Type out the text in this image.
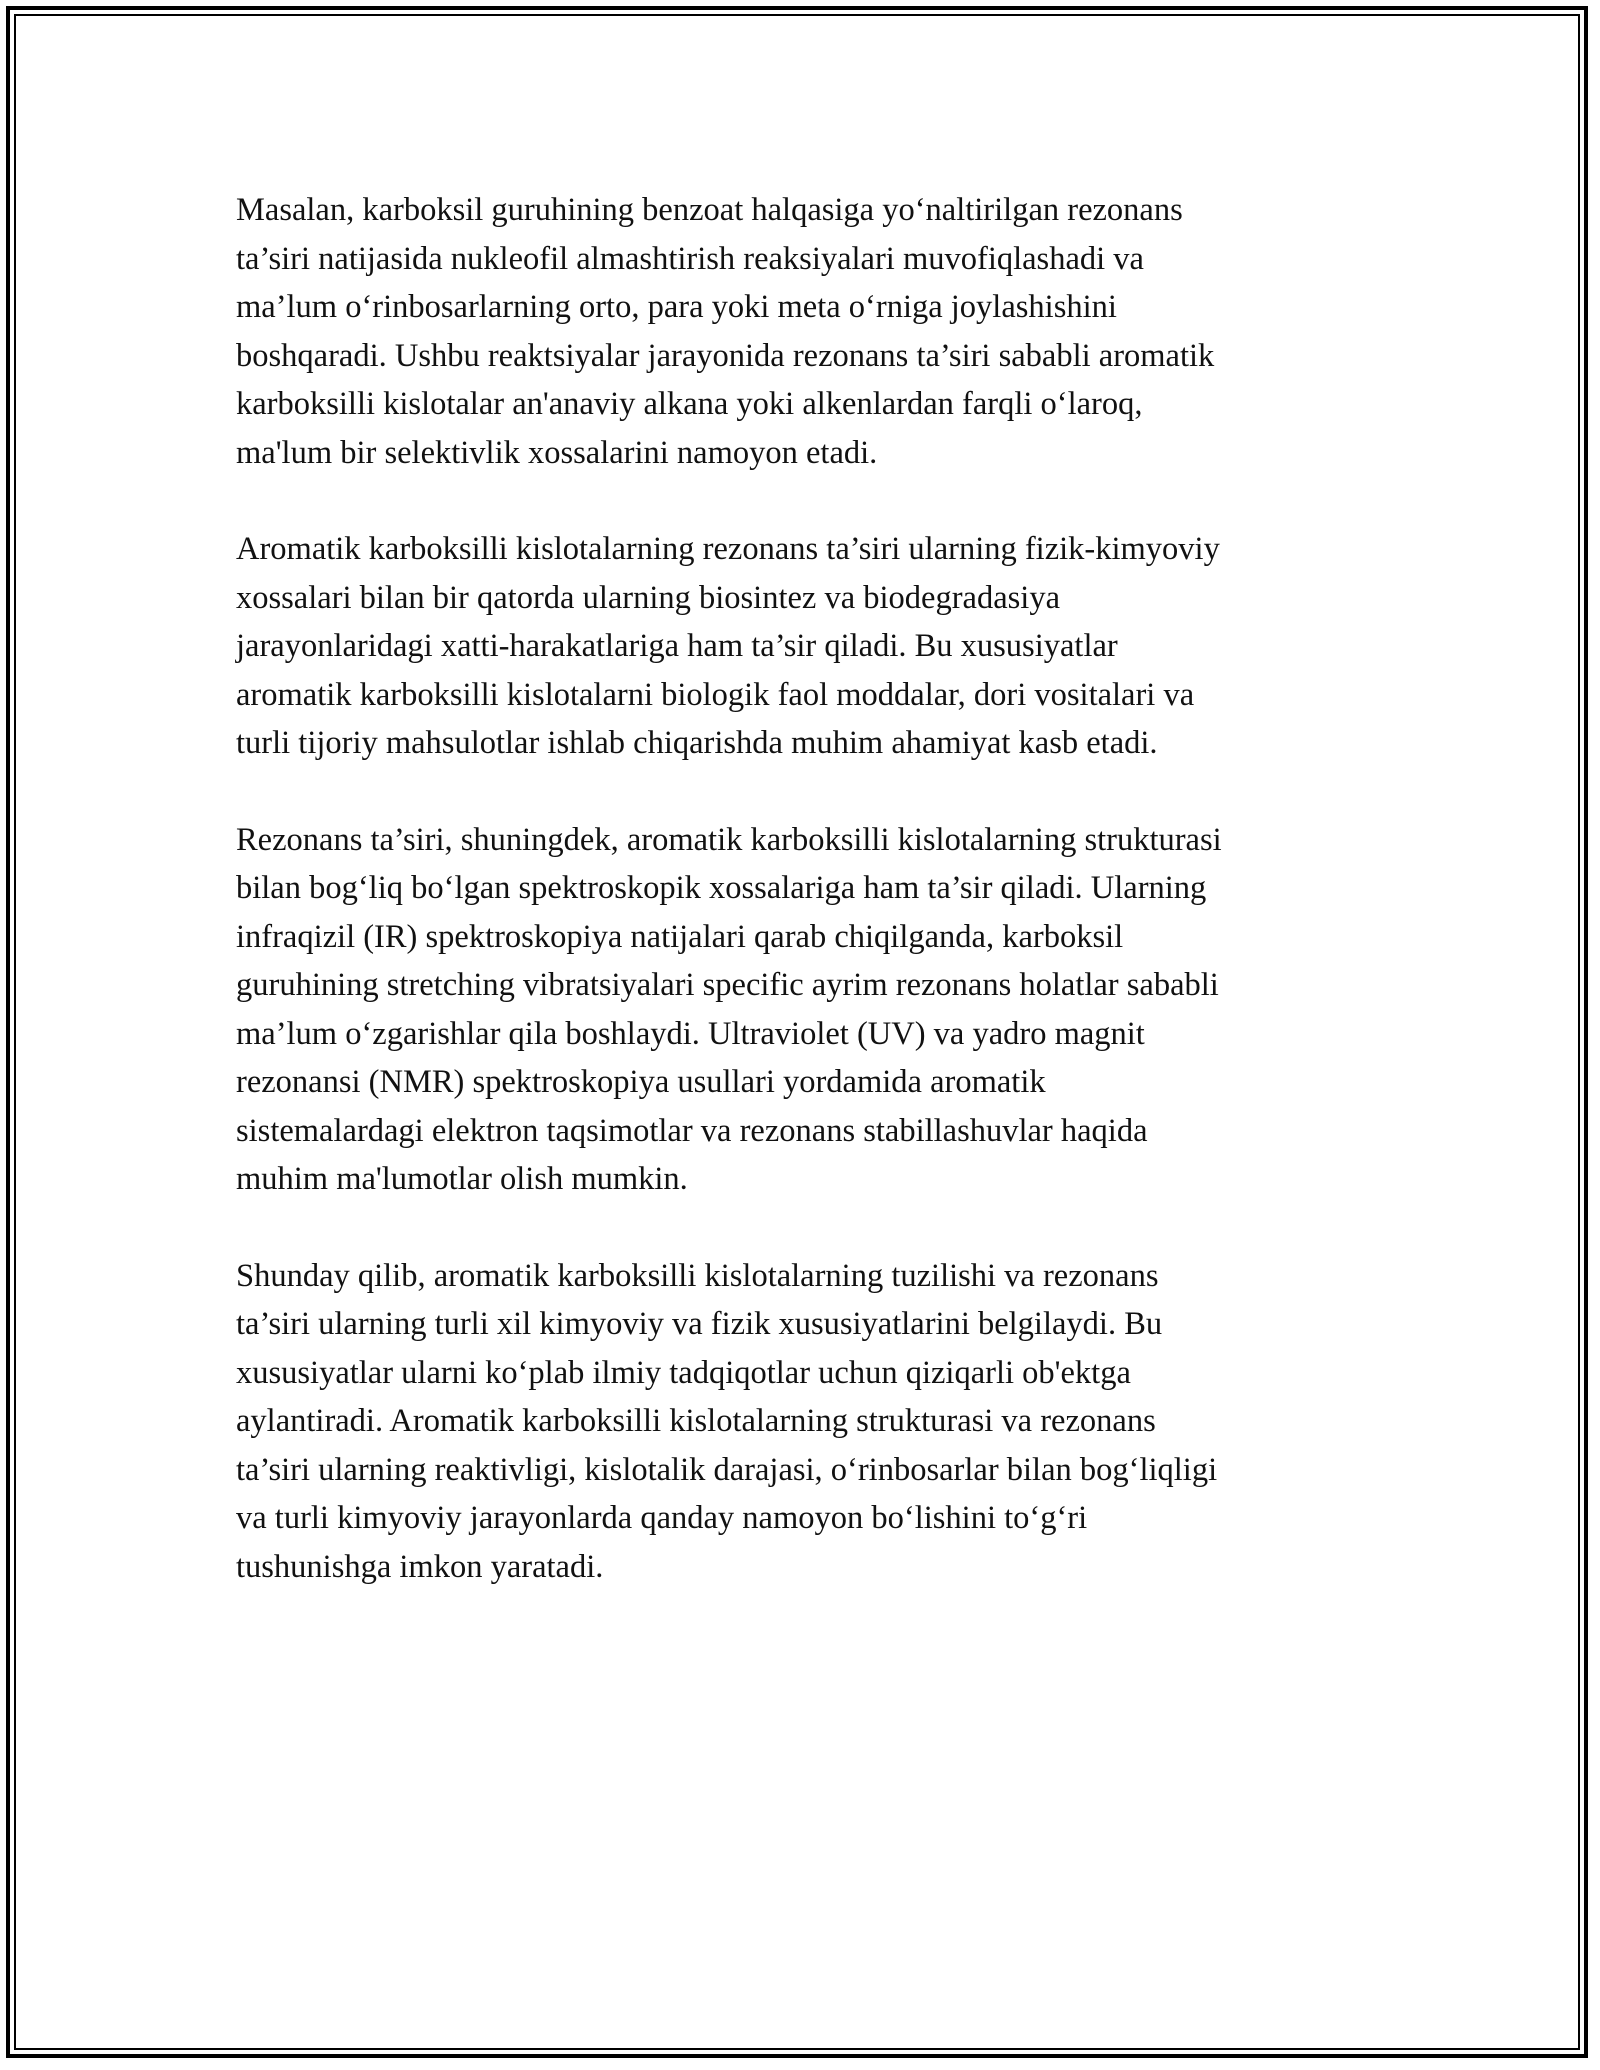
Masalan, karboksil guruhining benzoat halqasiga yo‘naltirilgan rezonans
ta’siri natijasida nukleofil almashtirish reaksiyalari muvofiqlashadi va
ma’lum o‘rinbosarlarning orto, para yoki meta o‘rniga joylashishini
boshqaradi. Ushbu reaktsiyalar jarayonida rezonans ta’siri sababli aromatik
karboksilli kislotalar an'anaviy alkana yoki alkenlardan farqli o‘laroq,
ma'lum bir selektivlik xossalarini namoyon etadi.

Aromatik karboksilli kislotalarning rezonans ta’siri ularning fizik-kimyoviy
xossalari bilan bir qatorda ularning biosintez va biodegradasiya
jarayonlaridagi xatti-harakatlariga ham ta’sir qiladi. Bu xususiyatlar
aromatik karboksilli kislotalarni biologik faol moddalar, dori vositalari va
turli tijoriy mahsulotlar ishlab chiqarishda muhim ahamiyat kasb etadi.

Rezonans ta’siri, shuningdek, aromatik karboksilli kislotalarning strukturasi
bilan bog‘liq bo‘lgan spektroskopik xossalariga ham ta’sir qiladi. Ularning
infraqizil (IR) spektroskopiya natijalari qarab chiqilganda, karboksil
guruhining stretching vibratsiyalari specific ayrim rezonans holatlar sababli
ma’lum o‘zgarishlar qila boshlaydi. Ultraviolet (UV) va yadro magnit
rezonansi (NMR) spektroskopiya usullari yordamida aromatik
sistemalardagi elektron taqsimotlar va rezonans stabillashuvlar haqida
muhim ma'lumotlar olish mumkin.

Shunday qilib, aromatik karboksilli kislotalarning tuzilishi va rezonans
ta’siri ularning turli xil kimyoviy va fizik xususiyatlarini belgilaydi. Bu
xususiyatlar ularni ko‘plab ilmiy tadqiqotlar uchun qiziqarli ob'ektga
aylantiradi. Aromatik karboksilli kislotalarning strukturasi va rezonans
ta’siri ularning reaktivligi, kislotalik darajasi, o‘rinbosarlar bilan bog‘liqligi
va turli kimyoviy jarayonlarda qanday namoyon bo‘lishini to‘g‘ri
tushunishga imkon yaratadi.
